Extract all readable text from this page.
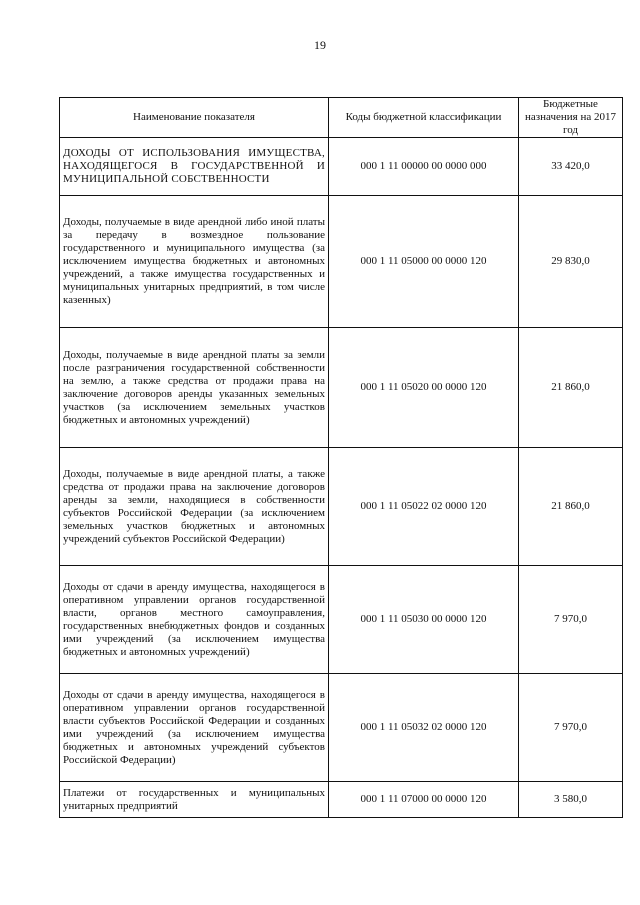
19
Наименование показателя	Коды бюджетной классификации	Бюджетные назначения на 2017 год
ДОХОДЫ ОТ ИСПОЛЬЗОВАНИЯ ИМУЩЕСТВА, НАХОДЯЩЕГОСЯ В ГОСУДАРСТВЕННОЙ И МУНИЦИПАЛЬНОЙ СОБСТВЕННОСТИ	000 1 11 00000 00 0000 000	33 420,0
Доходы, получаемые в виде арендной либо иной платы за передачу в возмездное пользование государственного и муниципального имущества (за исключением имущества бюджетных и автономных учреждений, а также имущества государственных и муниципальных унитарных предприятий, в том числе казенных)	000 1 11 05000 00 0000 120	29 830,0
Доходы, получаемые в виде арендной платы за земли после разграничения государственной собственности на землю, а также средства от продажи права на заключение договоров аренды указанных земельных участков (за исключением земельных участков бюджетных и автономных учреждений)	000 1 11 05020 00 0000 120	21 860,0
Доходы, получаемые в виде арендной платы, а также средства от продажи права на заключение договоров аренды за земли, находящиеся в собственности субъектов Российской Федерации (за исключением земельных участков бюджетных и автономных учреждений субъектов Российской Федерации)	000 1 11 05022 02 0000 120	21 860,0
Доходы от сдачи в аренду имущества, находящегося в оперативном управлении органов государственной власти, органов местного самоуправления, государственных внебюджетных фондов и созданных ими учреждений (за исключением имущества бюджетных и автономных учреждений)	000 1 11 05030 00 0000 120	7 970,0
Доходы от сдачи в аренду имущества, находящегося в оперативном управлении органов государственной власти субъектов Российской Федерации и созданных ими учреждений (за исключением имущества бюджетных и автономных учреждений субъектов Российской Федерации)	000 1 11 05032 02 0000 120	7 970,0
Платежи от государственных и муниципальных унитарных предприятий	000 1 11 07000 00 0000 120	3 580,0
